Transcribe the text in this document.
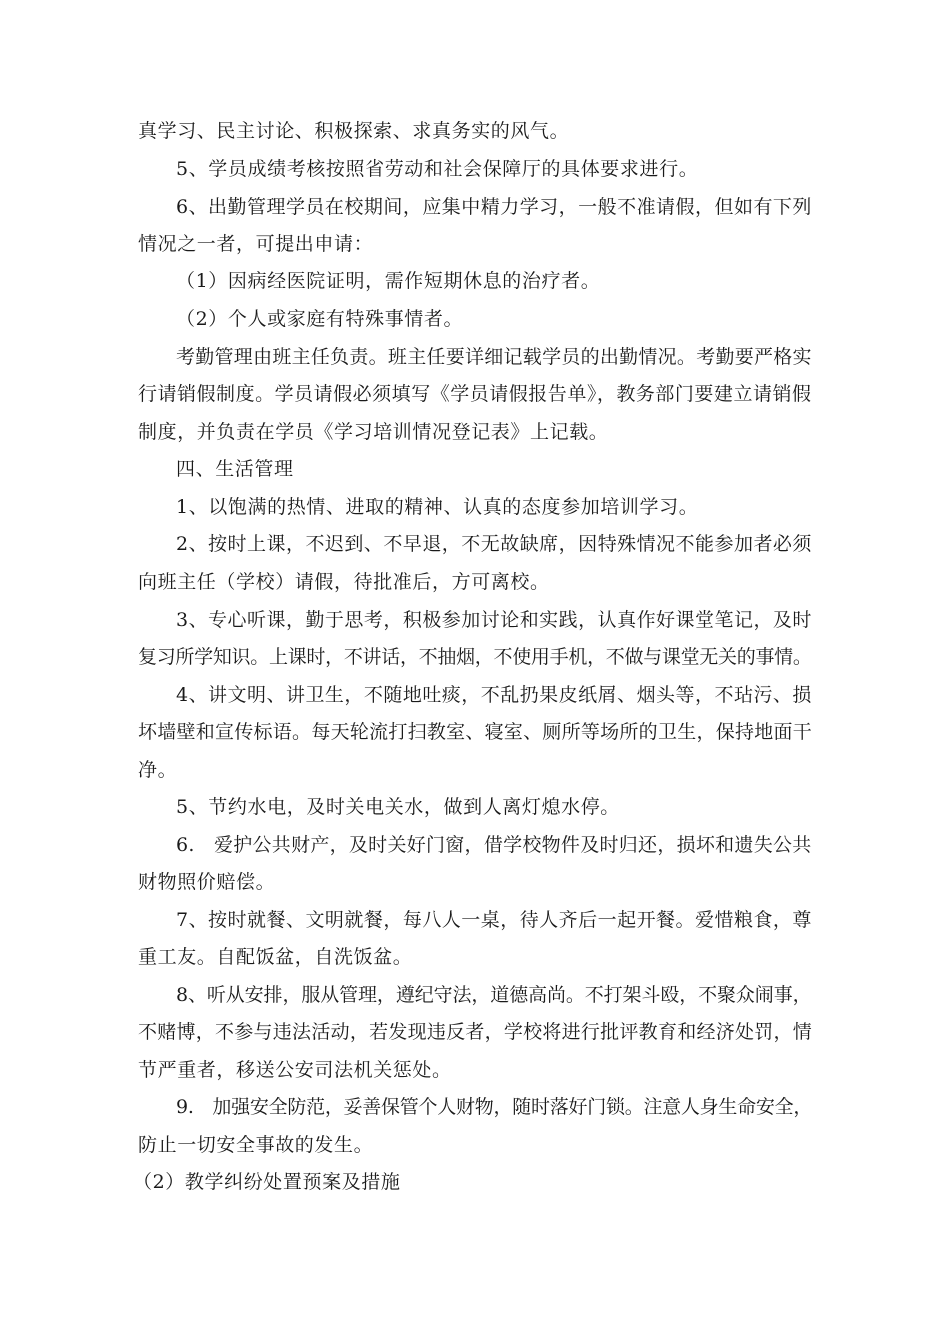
真学习、民主讨论、积极探索、求真务实的风气。
5、学员成绩考核按照省劳动和社会保障厅的具体要求进行。
6、出勤管理学员在校期间，应集中精力学习，一般不准请假，但如有下列
情况之一者，可提出申请：
（1）因病经医院证明，需作短期休息的治疗者。
（2）个人或家庭有特殊事情者。
考勤管理由班主任负责。班主任要详细记载学员的出勤情况。考勤要严格实
行请销假制度。学员请假必须填写《学员请假报告单》，教务部门要建立请销假
制度，并负责在学员《学习培训情况登记表》上记载。
四、生活管理
1、以饱满的热情、进取的精神、认真的态度参加培训学习。
2、按时上课，不迟到、不早退，不无故缺席，因特殊情况不能参加者必须
向班主任（学校）请假，待批准后，方可离校。
3、专心听课，勤于思考，积极参加讨论和实践，认真作好课堂笔记，及时
复习所学知识。上课时，不讲话，不抽烟，不使用手机，不做与课堂无关的事情。
4、讲文明、讲卫生，不随地吐痰，不乱扔果皮纸屑、烟头等，不玷污、损
坏墙壁和宣传标语。每天轮流打扫教室、寝室、厕所等场所的卫生，保持地面干
净。
5、节约水电，及时关电关水，做到人离灯熄水停。
6.　爱护公共财产，及时关好门窗，借学校物件及时归还，损坏和遗失公共
财物照价赔偿。
7、按时就餐、文明就餐，每八人一桌，待人齐后一起开餐。爱惜粮食，尊
重工友。自配饭盆，自洗饭盆。
8、听从安排，服从管理，遵纪守法，道德高尚。不打架斗殴，不聚众闹事，
不赌博，不参与违法活动，若发现违反者，学校将进行批评教育和经济处罚，情
节严重者，移送公安司法机关惩处。
9.　加强安全防范，妥善保管个人财物，随时落好门锁。注意人身生命安全，
防止一切安全事故的发生。
（2）教学纠纷处置预案及措施
